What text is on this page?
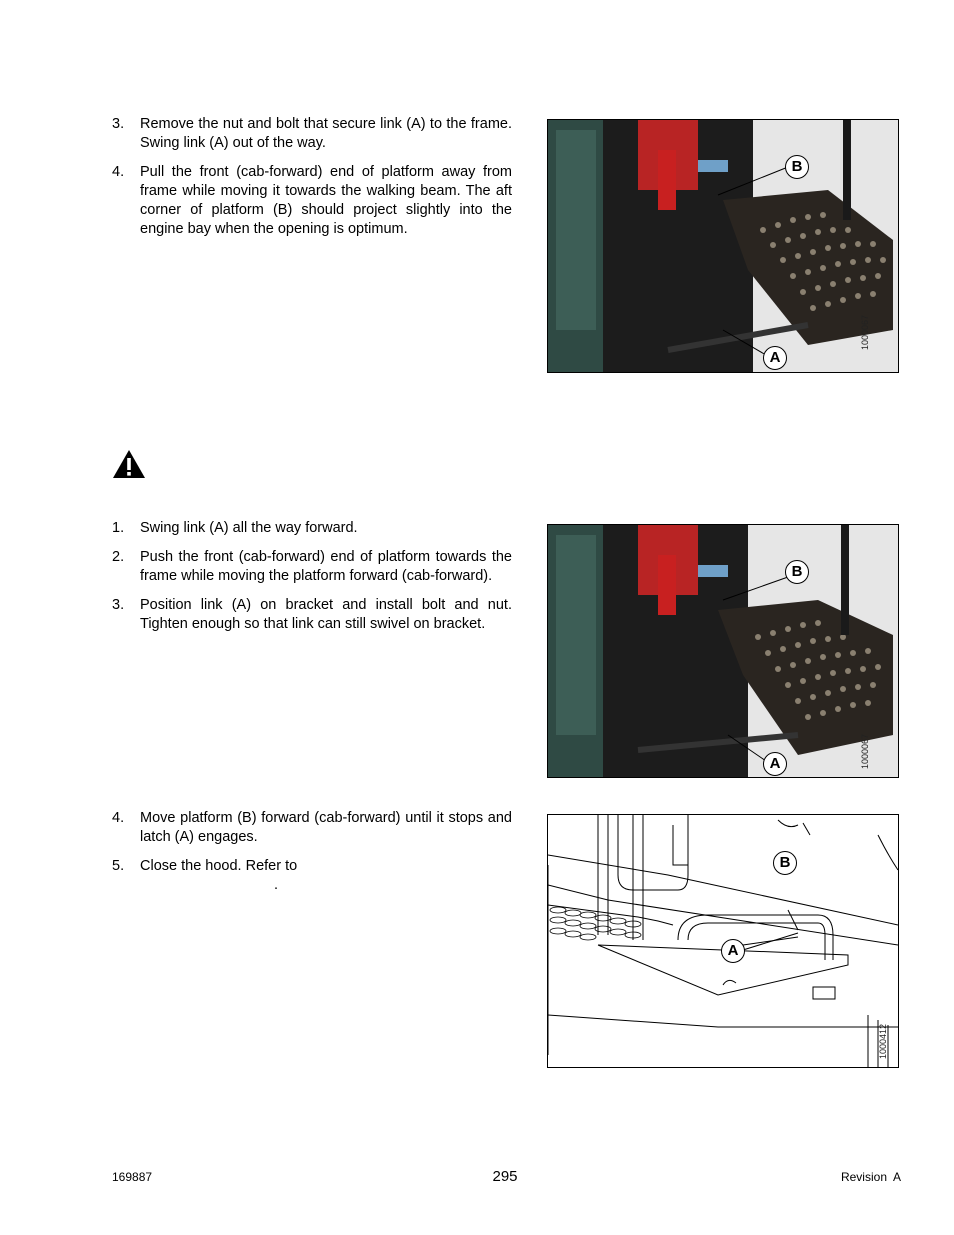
3. Remove the nut and bolt that secure link (A) to the frame. Swing link (A) out of the way.
4. Pull the front (cab-forward) end of platform away from frame while moving it towards the walking beam. The aft corner of platform (B) should project slightly into the engine bay when the opening is optimum.
B
A
1000067
1. Swing link (A) all the way forward.
2. Push the front (cab-forward) end of platform towards the frame while moving the platform forward (cab-forward).
3. Position link (A) on bracket and install bolt and nut. Tighten enough so that link can still swivel on bracket.
B
A	1000067
4. Move platform (B) forward (cab-forward) until it stops and latch (A) engages.
5. Close the hood. Refer to
.
B
A
1000412
169887	295	Revision  A
